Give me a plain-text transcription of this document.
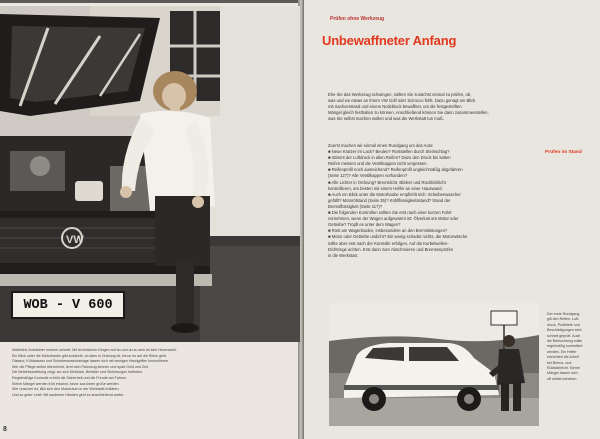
VW
WOB - V 600
Weibliche Autofahrer merken schnell: Mit technischen Dingen auf du und du zu sein ist kein Hexenwerk.
Ein Blick unter die Motorhaube gibt Auskunft, ob alles in Ordnung ist, bevor es auf die Reise geht.
Ölstand, Kühlwasser und Scheibenwaschanlage lassen sich mit wenigen Handgriffen kontrollieren.
Wer die Pflege selbst übernimmt, lernt sein Fahrzeug kennen und spart Geld und Zeit.
Die Betriebsanleitung zeigt, wo sich Meßstab, Behälter und Sicherungen befinden.
Regelmäßige Kontrolle erhöht die Sicherheit und die Freude am Fahren.
Kleine Mängel werden früh erkannt, bevor aus ihnen große werden.
Wer unsicher ist, läßt sich den Motorraum in der Werkstatt erklären.
Und zu guter Letzt: Mit sauberen Händen geht es anschließend weiter.
8
Prüfen ohne Werkzeug
Unbewaffneter Anfang
Ehe Sie das Werkzeug schwingen, sollten Sie zunächst einmal zu prüfen, ob,
was und wo etwas an Ihrem VW Golf oder Scirocco fehlt. Dazu genügt ein Blick
mit Sachverstand und einem Notizblock bewaffnet, um die festgestellten
Mängel gleich festhalten zu können. Anschließend können Sie dann zusammenstellen,
was Sie selbst machen wollen und was die Werkstatt tun muß.
Prüfen im Stand
Zuerst machen wir einmal einen Rundgang um das Auto:
■ Neue Kratzer im Lack? Beulen? Roststellen durch Steinschlag?
■ Stimmt der Luftdruck in allen Reifen? Dazu den Druck bei kalten
Reifen messen und die Ventilkappen nicht vergessen.
■ Reifenprofil noch ausreichend? Reifenprofil ungleichmäßig abgefahren
(Seite 127)? Alle Ventilkappen vorhanden?
■ Alle Lichter in Ordnung? Bremslicht, Blinker und Rückfahrlicht
kontrollieren, am besten mit einem Helfer an einer Hauswand.
■ Auch ein Blick unter die Motorhaube empfiehlt sich: Scheibenwascher
gefüllt? Motorölstand (Seite 35)? Kühlflüssigkeitsstand? Stand der
Bremsflüssigkeit (Seite 117)?
■ Die folgenden Kontrollen sollten Sie erst nach einer kurzen Fahrt
vornehmen, wenn der Wagen aufgewärmt ist: Ölverlust am Motor oder
Getriebe? Tropft es unter dem Wagen?
■ Rost am Wagenboden, insbesondere an den Bremsleitungen?
■ Motor oder Getriebe undicht? Ein wenig schadet nichts, die Motorwäsche
sollte aber erst nach der Kontrolle erfolgen. Auf die Kurbelwellen-
Dichtringe achten. Erst dann zum Abschmieren und Bremsenprüfen
in die Werkstatt.
Der erste Rundgang
gilt den Reifen: Luft-
druck, Profiltiefe und
Beschädigungen sind
schnell geprüft. Auch
die Beleuchtung sollte
regelmäßig kontrolliert
werden. Ein Helfer
erleichtert die Arbeit
bei Brems- und
Rückfahrlicht. Kleine
Mängel lassen sich
oft selbst beheben.
